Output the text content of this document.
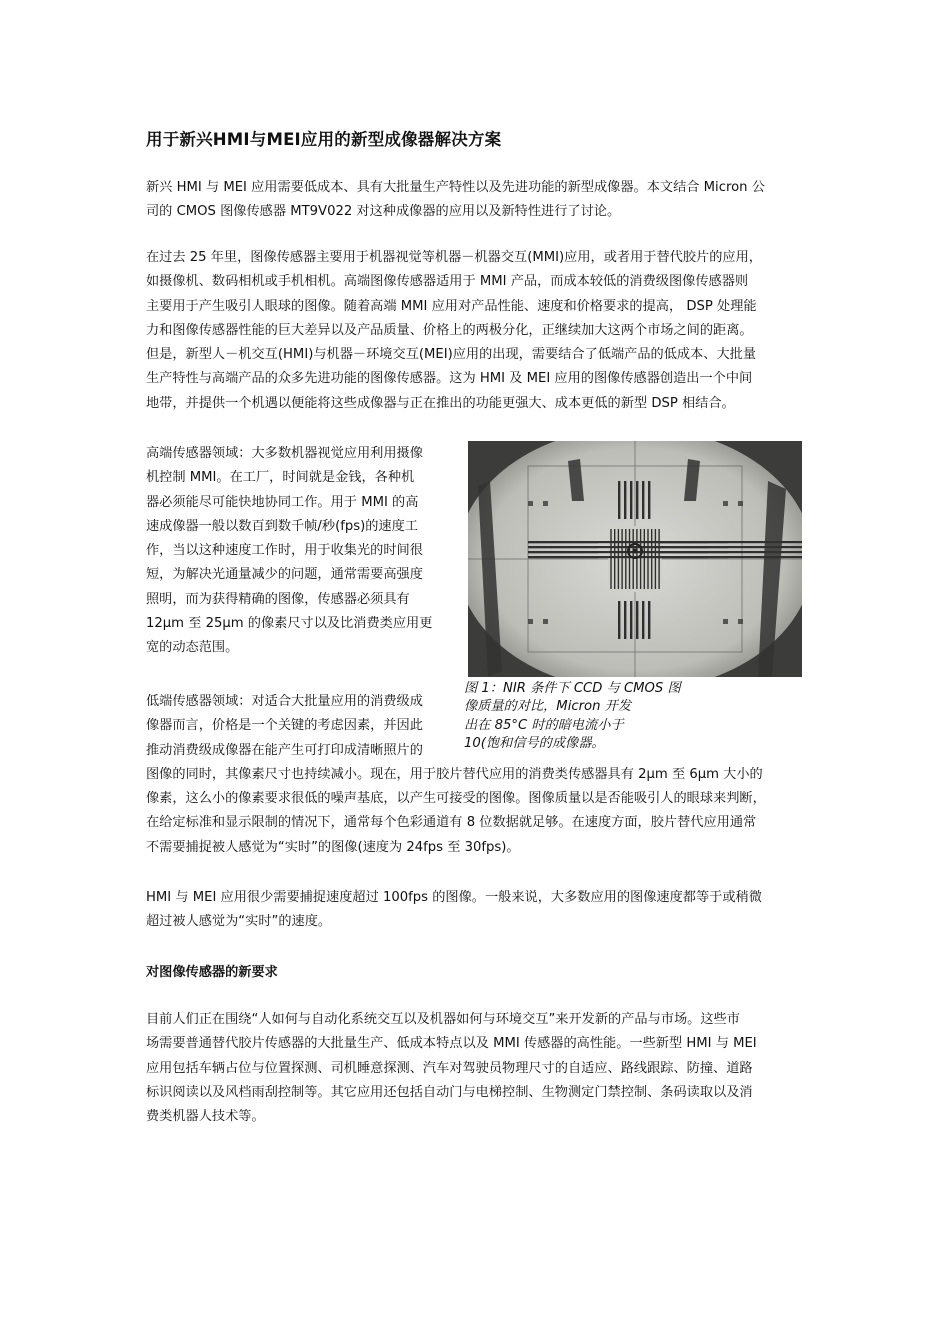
用于新兴HMI与MEI应用的新型成像器解决方案
新兴 HMI 与 MEI 应用需要低成本、具有大批量生产特性以及先进功能的新型成像器。本文结合 Micron 公
司的 CMOS 图像传感器 MT9V022 对这种成像器的应用以及新特性进行了讨论。
在过去 25 年里，图像传感器主要用于机器视觉等机器－机器交互(MMI)应用，或者用于替代胶片的应用，
如摄像机、数码相机或手机相机。高端图像传感器适用于 MMI 产品，而成本较低的消费级图像传感器则
主要用于产生吸引人眼球的图像。随着高端 MMI 应用对产品性能、速度和价格要求的提高， DSP 处理能
力和图像传感器性能的巨大差异以及产品质量、价格上的两极分化，正继续加大这两个市场之间的距离。
但是，新型人－机交互(HMI)与机器－环境交互(MEI)应用的出现，需要结合了低端产品的低成本、大批量
生产特性与高端产品的众多先进功能的图像传感器。这为 HMI 及 MEI 应用的图像传感器创造出一个中间
地带，并提供一个机遇以便能将这些成像器与正在推出的功能更强大、成本更低的新型 DSP 相结合。
高端传感器领域：大多数机器视觉应用利用摄像
机控制 MMI。在工厂，时间就是金钱，各种机
器必须能尽可能快地协同工作。用于 MMI 的高
速成像器一般以数百到数千帧/秒(fps)的速度工
作，当以这种速度工作时，用于收集光的时间很
短，为解决光通量减少的问题，通常需要高强度
照明，而为获得精确的图像，传感器必须具有
12μm 至 25μm 的像素尺寸以及比消费类应用更
宽的动态范围。
图 1：NIR 条件下 CCD 与 CMOS 图
像质量的对比，Micron 开发
出在 85°C 时的暗电流小于
10(饱和信号的成像器。
低端传感器领域：对适合大批量应用的消费级成
像器而言，价格是一个关键的考虑因素，并因此
推动消费级成像器在能产生可打印成清晰照片的
图像的同时，其像素尺寸也持续减小。现在，用于胶片替代应用的消费类传感器具有 2μm 至 6μm 大小的
像素，这么小的像素要求很低的噪声基底，以产生可接受的图像。图像质量以是否能吸引人的眼球来判断，
在给定标准和显示限制的情况下，通常每个色彩通道有 8 位数据就足够。在速度方面，胶片替代应用通常
不需要捕捉被人感觉为“实时”的图像(速度为 24fps 至 30fps)。
HMI 与 MEI 应用很少需要捕捉速度超过 100fps 的图像。一般来说，大多数应用的图像速度都等于或稍微
超过被人感觉为“实时”的速度。
对图像传感器的新要求
目前人们正在围绕“人如何与自动化系统交互以及机器如何与环境交互”来开发新的产品与市场。这些市
场需要普通替代胶片传感器的大批量生产、低成本特点以及 MMI 传感器的高性能。一些新型 HMI 与 MEI
应用包括车辆占位与位置探测、司机睡意探测、汽车对驾驶员物理尺寸的自适应、路线跟踪、防撞、道路
标识阅读以及风档雨刮控制等。其它应用还包括自动门与电梯控制、生物测定门禁控制、条码读取以及消
费类机器人技术等。
